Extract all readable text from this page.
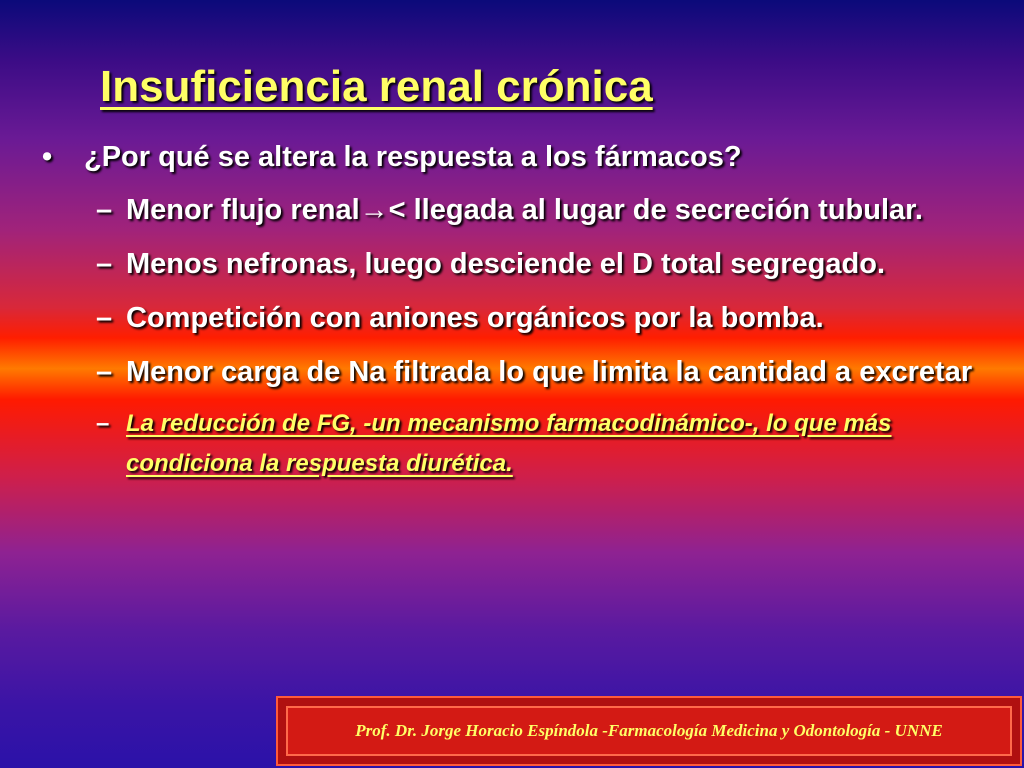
Insuficiencia renal crónica
• ¿Por qué se altera la respuesta a los fármacos?
– Menor flujo renal→< llegada al lugar de secreción tubular.
– Menos nefronas, luego desciende el D total segregado.
– Competición con aniones orgánicos por la bomba.
– Menor carga de Na filtrada lo que limita la cantidad a excretar
– La reducción de FG, -un mecanismo farmacodinámico-, lo que más condiciona la respuesta diurética.
Prof. Dr. Jorge Horacio Espíndola -Farmacología Medicina y Odontología - UNNE
